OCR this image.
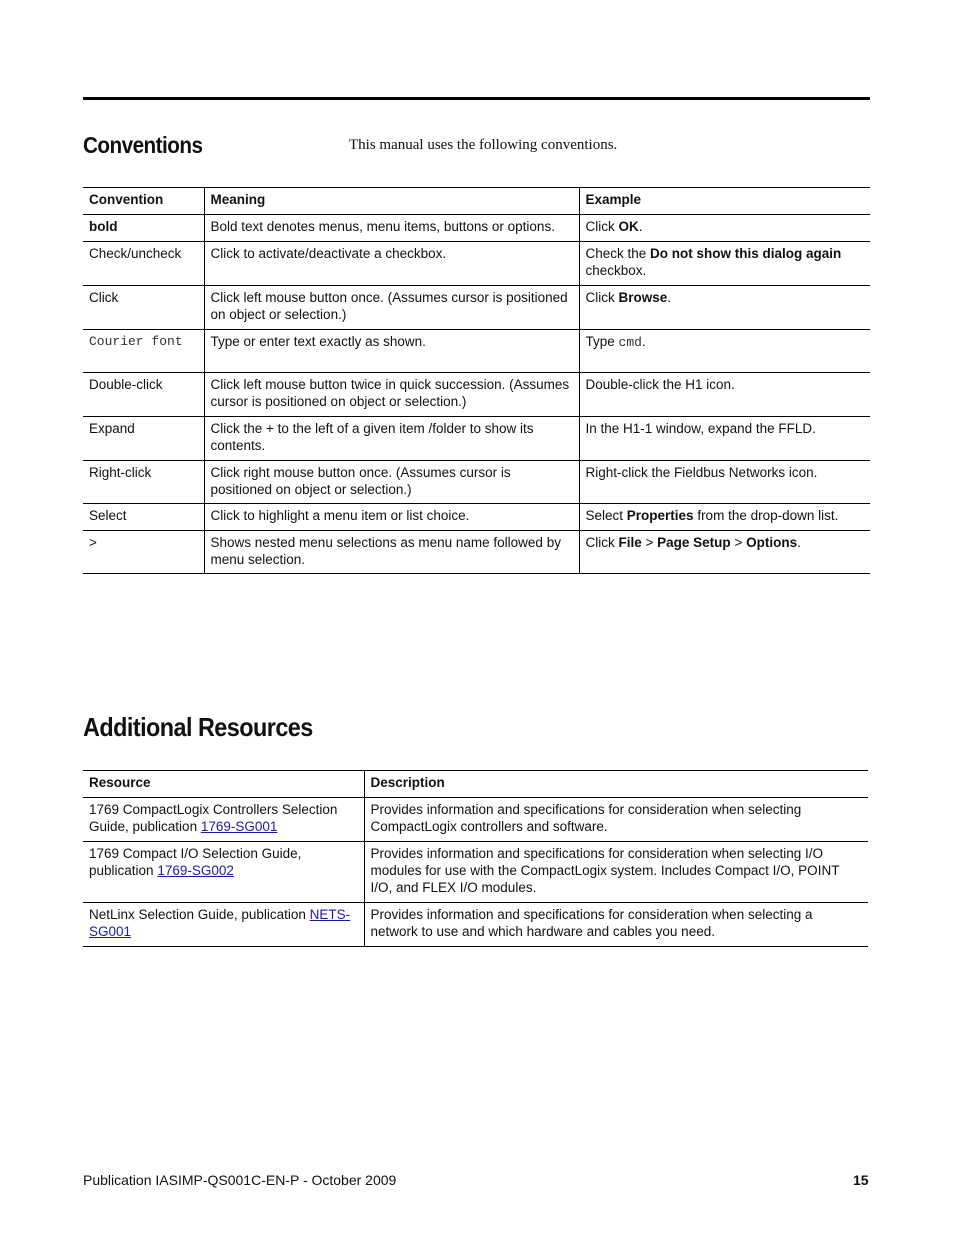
Conventions	This manual uses the following conventions.

Convention	Meaning	Example
bold	Bold text denotes menus, menu items, buttons or options.	Click OK.
Check/uncheck	Click to activate/deactivate a checkbox.	Check the Do not show this dialog again checkbox.
Click	Click left mouse button once. (Assumes cursor is positioned on object or selection.)	Click Browse.
Courier font	Type or enter text exactly as shown.	Type cmd.
Double-click	Click left mouse button twice in quick succession. (Assumes cursor is positioned on object or selection.)	Double-click the H1 icon.
Expand	Click the + to the left of a given item /folder to show its contents.	In the H1-1 window, expand the FFLD.
Right-click	Click right mouse button once. (Assumes cursor is positioned on object or selection.)	Right-click the Fieldbus Networks icon.
Select	Click to highlight a menu item or list choice.	Select Properties from the drop-down list.
>	Shows nested menu selections as menu name followed by menu selection.	Click File > Page Setup > Options.
Additional Resources
Resource	Description
1769 CompactLogix Controllers Selection Guide, publication 1769-SG001	Provides information and specifications for consideration when selecting CompactLogix controllers and software.
1769 Compact I/O Selection Guide, publication 1769-SG002	Provides information and specifications for consideration when selecting I/O modules for use with the CompactLogix system. Includes Compact I/O, POINT I/O, and FLEX I/O modules.
NetLinx Selection Guide, publication NETS-SG001	Provides information and specifications for consideration when selecting a network to use and which hardware and cables you need.
Publication IASIMP-QS001C-EN-P - October 2009	15
